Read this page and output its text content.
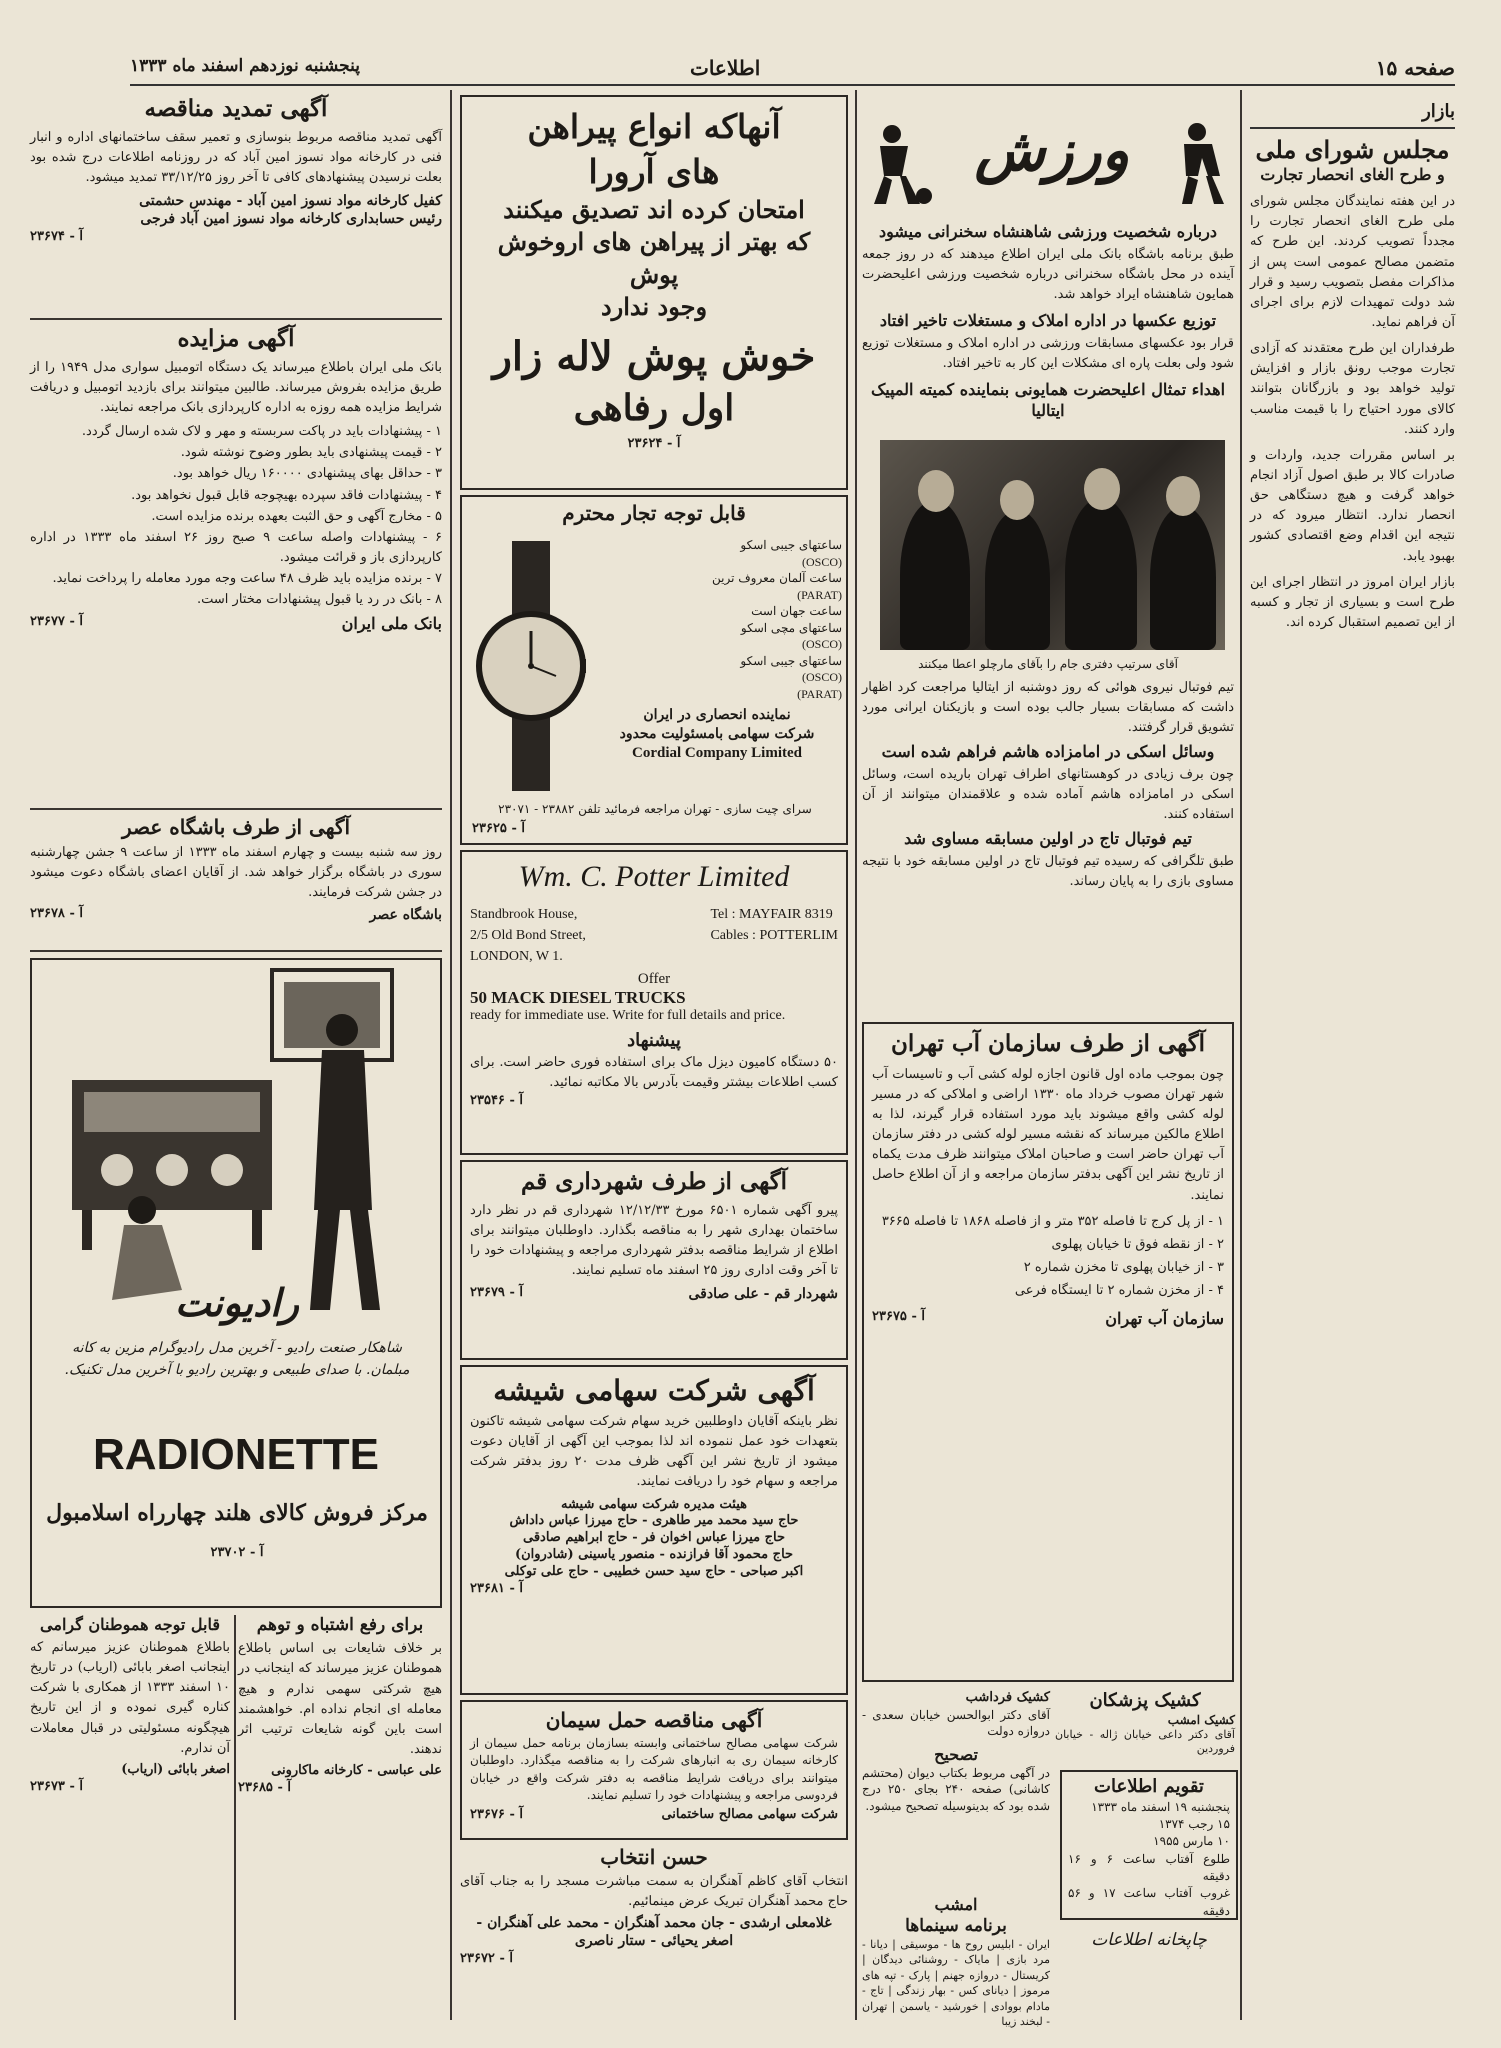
صفحه ۱۵
اطلاعات
پنجشنبه نوزدهم اسفند ماه ۱۳۳۳
بازار
مجلس شورای ملی
و طرح الغای انحصار تجارت

در این هفته نمایندگان مجلس شورای ملی طرح الغای انحصار تجارت را مجدداً تصویب کردند. این طرح که متضمن مصالح عمومی است پس از مذاکرات مفصل بتصویب رسید و قرار شد دولت تمهیدات لازم برای اجرای آن فراهم نماید.

طرفداران این طرح معتقدند که آزادی تجارت موجب رونق بازار و افزایش تولید خواهد بود و بازرگانان بتوانند کالای مورد احتیاج را با قیمت مناسب وارد کنند.

بر اساس مقررات جدید، واردات و صادرات کالا بر طبق اصول آزاد انجام خواهد گرفت و هیچ دستگاهی حق انحصار ندارد. انتظار میرود که در نتیجه این اقدام وضع اقتصادی کشور بهبود یابد.

بازار ایران امروز در انتظار اجرای این طرح است و بسیاری از تجار و کسبه از این تصمیم استقبال کرده اند.

تقویم اطلاعات
پنجشنبه ۱۹ اسفند ماه ۱۳۳۳
۱۵ رجب ۱۳۷۴
۱۰ مارس ۱۹۵۵
طلوع آفتاب ساعت ۶ و ۱۶ دقیقه
غروب آفتاب ساعت ۱۷ و ۵۶ دقیقه
چاپخانه اطلاعات
ورزش
درباره شخصیت ورزشی شاهنشاه سخنرانی میشود

طبق برنامه باشگاه بانک ملی ایران اطلاع میدهند که در روز جمعه آینده در محل باشگاه سخنرانی درباره شخصیت ورزشی اعلیحضرت همایون شاهنشاه ایراد خواهد شد.

توزیع عکسها در اداره املاک و مستغلات تاخیر افتاد

قرار بود عکسهای مسابقات ورزشی در اداره املاک و مستغلات توزیع شود ولی بعلت پاره ای مشکلات این کار به تاخیر افتاد.

اهداء تمثال اعلیحضرت همایونی بنماینده کمیته المپیک ایتالیا
آقای سرتیپ دفتری جام را بآقای مارچلو اعطا میکنند

تیم فوتبال نیروی هوائی که روز دوشنبه از ایتالیا مراجعت کرد اظهار داشت که مسابقات بسیار جالب بوده است و بازیکنان ایرانی مورد تشویق قرار گرفتند.

وسائل اسکی در امامزاده هاشم فراهم شده است

چون برف زیادی در کوهستانهای اطراف تهران باریده است، وسائل اسکی در امامزاده هاشم آماده شده و علاقمندان میتوانند از آن استفاده کنند.

تیم فوتبال تاج در اولین مسابقه مساوی شد

طبق تلگرافی که رسیده تیم فوتبال تاج در اولین مسابقه خود با نتیجه مساوی بازی را به پایان رساند.

آگهی از طرف سازمان آب تهران

چون بموجب ماده اول قانون اجازه لوله کشی آب و تاسیسات آب شهر تهران مصوب خرداد ماه ۱۳۳۰ اراضی و املاکی که در مسیر لوله کشی واقع میشوند باید مورد استفاده قرار گیرند، لذا به اطلاع مالکین میرساند که نقشه مسیر لوله کشی در دفتر سازمان آب تهران حاضر است و صاحبان املاک میتوانند ظرف مدت یکماه از تاریخ نشر این آگهی بدفتر سازمان مراجعه و از آن اطلاع حاصل نمایند.

۱ - از پل کرج تا فاصله ۳۵۲ متر و از فاصله ۱۸۶۸ تا فاصله ۳۶۶۵

۲ - از نقطه فوق تا خیابان پهلوی

۳ - از خیابان پهلوی تا مخزن شماره ۲

۴ - از مخزن شماره ۲ تا ایستگاه فرعی

سازمان آب تهران
آ - ۲۳۶۷۵
کشیک پزشکان
کشیک امشب
آقای دکتر داعی خیابان ژاله - خیابان فروردین
کشیک فرداشب
آقای دکتر ابوالحسن خیابان سعدی - دروازه دولت
تصحیح
در آگهی مربوط بکتاب دیوان (محتشم کاشانی) صفحه ۲۴۰ بجای ۲۵۰ درج شده بود که بدینوسیله تصحیح میشود.
امشب
برنامه سینماها
ایران - ابلیس روح ها - موسیقی | دیانا - مرد بازی | مایاک - روشنائی دیدگان | کریستال - دروازه جهنم | پارک - تپه های مرموز | دیانای کس - بهار زندگی | تاج - مادام بووادی | خورشید - یاسمن | تهران - لبخند زیبا
آنهاکه انواع پیراهن
های آرورا
امتحان کرده اند تصدیق میکنند
که بهتر از پیراهن های اروخوش پوش
وجود ندارد
خوش پوش لاله زار
اول رفاهی
آ - ۲۳۶۲۴
قابل توجه تجار محترم
ساعتهای جیبی اسکو
(OSCO)
ساعت آلمان معروف ترین
(PARAT)
ساعت جهان است
ساعتهای مچی اسکو
(OSCO)
ساعتهای جیبی اسکو
(OSCO)
(PARAT)
نماینده انحصاری در ایران
شرکت سهامی بامسئولیت محدود
Cordial Company Limited
سرای چیت سازی - تهران مراجعه فرمائید تلفن ۲۳۸۸۲ - ۲۳۰۷۱
آ - ۲۳۶۲۵
Wm. C. Potter Limited
Standbrook House,
2/5 Old Bond Street,
LONDON, W 1.
Tel : MAYFAIR 8319
Cables : POTTERLIM
Offer
50 MACK DIESEL TRUCKS
ready for immediate use. Write for full details and price.
پیشنهاد
۵۰ دستگاه کامیون دیزل ماک برای استفاده فوری حاضر است. برای کسب اطلاعات بیشتر وقیمت بآدرس بالا مکاتبه نمائید.
آ - ۲۳۵۴۶
آگهی از طرف شهرداری قم

پیرو آگهی شماره ۶۵۰۱ مورخ ۱۲/۱۲/۳۳ شهرداری قم در نظر دارد ساختمان بهداری شهر را به مناقصه بگذارد. داوطلبان میتوانند برای اطلاع از شرایط مناقصه بدفتر شهرداری مراجعه و پیشنهادات خود را تا آخر وقت اداری روز ۲۵ اسفند ماه تسلیم نمایند.

شهردار قم - علی صادقی
آ - ۲۳۶۷۹
آگهی شرکت سهامی شیشه

نظر باینکه آقایان داوطلبین خرید سهام شرکت سهامی شیشه تاکنون بتعهدات خود عمل ننموده اند لذا بموجب این آگهی از آقایان دعوت میشود از تاریخ نشر این آگهی ظرف مدت ۲۰ روز بدفتر شرکت مراجعه و سهام خود را دریافت نمایند.

هیئت مدیره شرکت سهامی شیشه
حاج سید محمد میر طاهری - حاج میرزا عباس داداش
حاج میرزا عباس اخوان فر - حاج ابراهیم صادقی
حاج محمود آقا فرازنده - منصور یاسینی (شادروان)
اکبر صباحی - حاج سید حسن خطیبی - حاج علی توکلی
آ - ۲۳۶۸۱
آگهی مناقصه حمل سیمان

شرکت سهامی مصالح ساختمانی وابسته بسازمان برنامه حمل سیمان از کارخانه سیمان ری به انبارهای شرکت را به مناقصه میگذارد. داوطلبان میتوانند برای دریافت شرایط مناقصه به دفتر شرکت واقع در خیابان فردوسی مراجعه و پیشنهادات خود را تسلیم نمایند.

شرکت سهامی مصالح ساختمانی
آ - ۲۳۶۷۶
حسن انتخاب

انتخاب آقای کاظم آهنگران به سمت مباشرت مسجد را به جناب آقای حاج محمد آهنگران تبریک عرض مینمائیم.

غلامعلی ارشدی - جان محمد آهنگران - محمد علی آهنگران - اصغر یحیائی - ستار ناصری
آ - ۲۳۶۷۲
آگهی تمدید مناقصه

آگهی تمدید مناقصه مربوط بنوسازی و تعمیر سقف ساختمانهای اداره و انبار فنی در کارخانه مواد نسوز امین آباد که در روزنامه اطلاعات درج شده بود بعلت نرسیدن پیشنهادهای کافی تا آخر روز ۳۳/۱۲/۲۵ تمدید میشود.

کفیل کارخانه مواد نسوز امین آباد - مهندس حشمتی
رئیس حسابداری کارخانه مواد نسوز امین آباد فرجی
آ - ۲۳۶۷۴
آگهی مزایده

بانک ملی ایران باطلاع میرساند یک دستگاه اتومبیل سواری مدل ۱۹۴۹ را از طریق مزایده بفروش میرساند. طالبین میتوانند برای بازدید اتومبیل و دریافت شرایط مزایده همه روزه به اداره کارپردازی بانک مراجعه نمایند.

۱ - پیشنهادات باید در پاکت سربسته و مهر و لاک شده ارسال گردد.

۲ - قیمت پیشنهادی باید بطور وضوح نوشته شود.

۳ - حداقل بهای پیشنهادی ۱۶۰۰۰۰ ریال خواهد بود.

۴ - پیشنهادات فاقد سپرده بهیچوجه قابل قبول نخواهد بود.

۵ - مخارج آگهی و حق الثبت بعهده برنده مزایده است.

۶ - پیشنهادات واصله ساعت ۹ صبح روز ۲۶ اسفند ماه ۱۳۳۳ در اداره کارپردازی باز و قرائت میشود.

۷ - برنده مزایده باید ظرف ۴۸ ساعت وجه مورد معامله را پرداخت نماید.

۸ - بانک در رد یا قبول پیشنهادات مختار است.

بانک ملی ایران
آ - ۲۳۶۷۷
آگهی از طرف باشگاه عصر

روز سه شنبه بیست و چهارم اسفند ماه ۱۳۳۳ از ساعت ۹ جشن چهارشنبه سوری در باشگاه برگزار خواهد شد. از آقایان اعضای باشگاه دعوت میشود در جشن شرکت فرمایند.

باشگاه عصر
آ - ۲۳۶۷۸
رادیونت
شاهکار صنعت رادیو - آخرین مدل رادیوگرام مزین به کانه مبلمان. با صدای طبیعی و بهترین رادیو با آخرین مدل تکنیک.
RADIONETTE
مرکز فروش کالای هلند چهارراه اسلامبول
آ - ۲۳۷۰۲
برای رفع اشتباه و توهم

بر خلاف شایعات بی اساس باطلاع هموطنان عزیز میرساند که اینجانب در هیچ شرکتی سهمی ندارم و هیچ معامله ای انجام نداده ام. خواهشمند است باین گونه شایعات ترتیب اثر ندهند.

علی عباسی - کارخانه ماکارونی
آ - ۲۳۶۸۵
قابل توجه هموطنان گرامی

باطلاع هموطنان عزیز میرسانم که اینجانب اصغر بابائی (اریاب) در تاریخ ۱۰ اسفند ۱۳۳۳ از همکاری با شرکت کناره گیری نموده و از این تاریخ هیچگونه مسئولیتی در قبال معاملات آن ندارم.

اصغر بابائی (اریاب)
آ - ۲۳۶۷۳
